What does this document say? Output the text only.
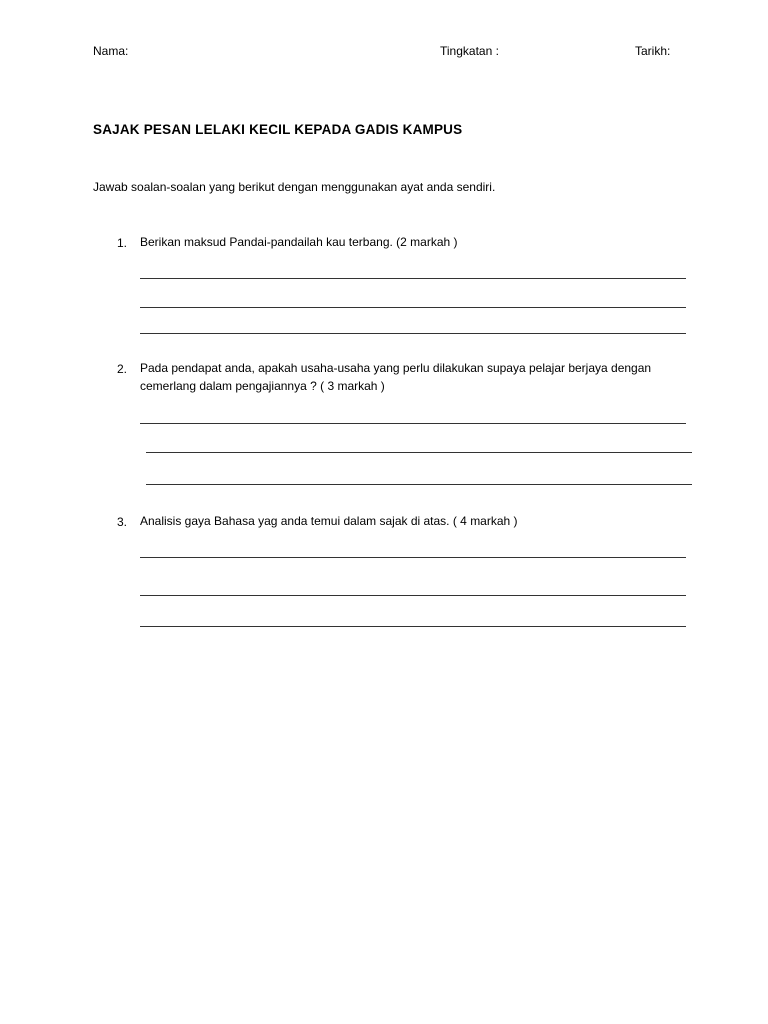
Nama:	Tingkatan :	Tarikh:
SAJAK PESAN LELAKI KECIL KEPADA GADIS KAMPUS
Jawab soalan-soalan yang berikut dengan menggunakan ayat anda sendiri.
1. Berikan maksud Pandai-pandailah kau terbang. (2 markah )
2. Pada pendapat anda, apakah usaha-usaha yang perlu dilakukan supaya pelajar berjaya dengan cemerlang dalam pengajiannya ? ( 3 markah )
3. Analisis gaya Bahasa yag anda temui dalam sajak di atas. ( 4 markah )
